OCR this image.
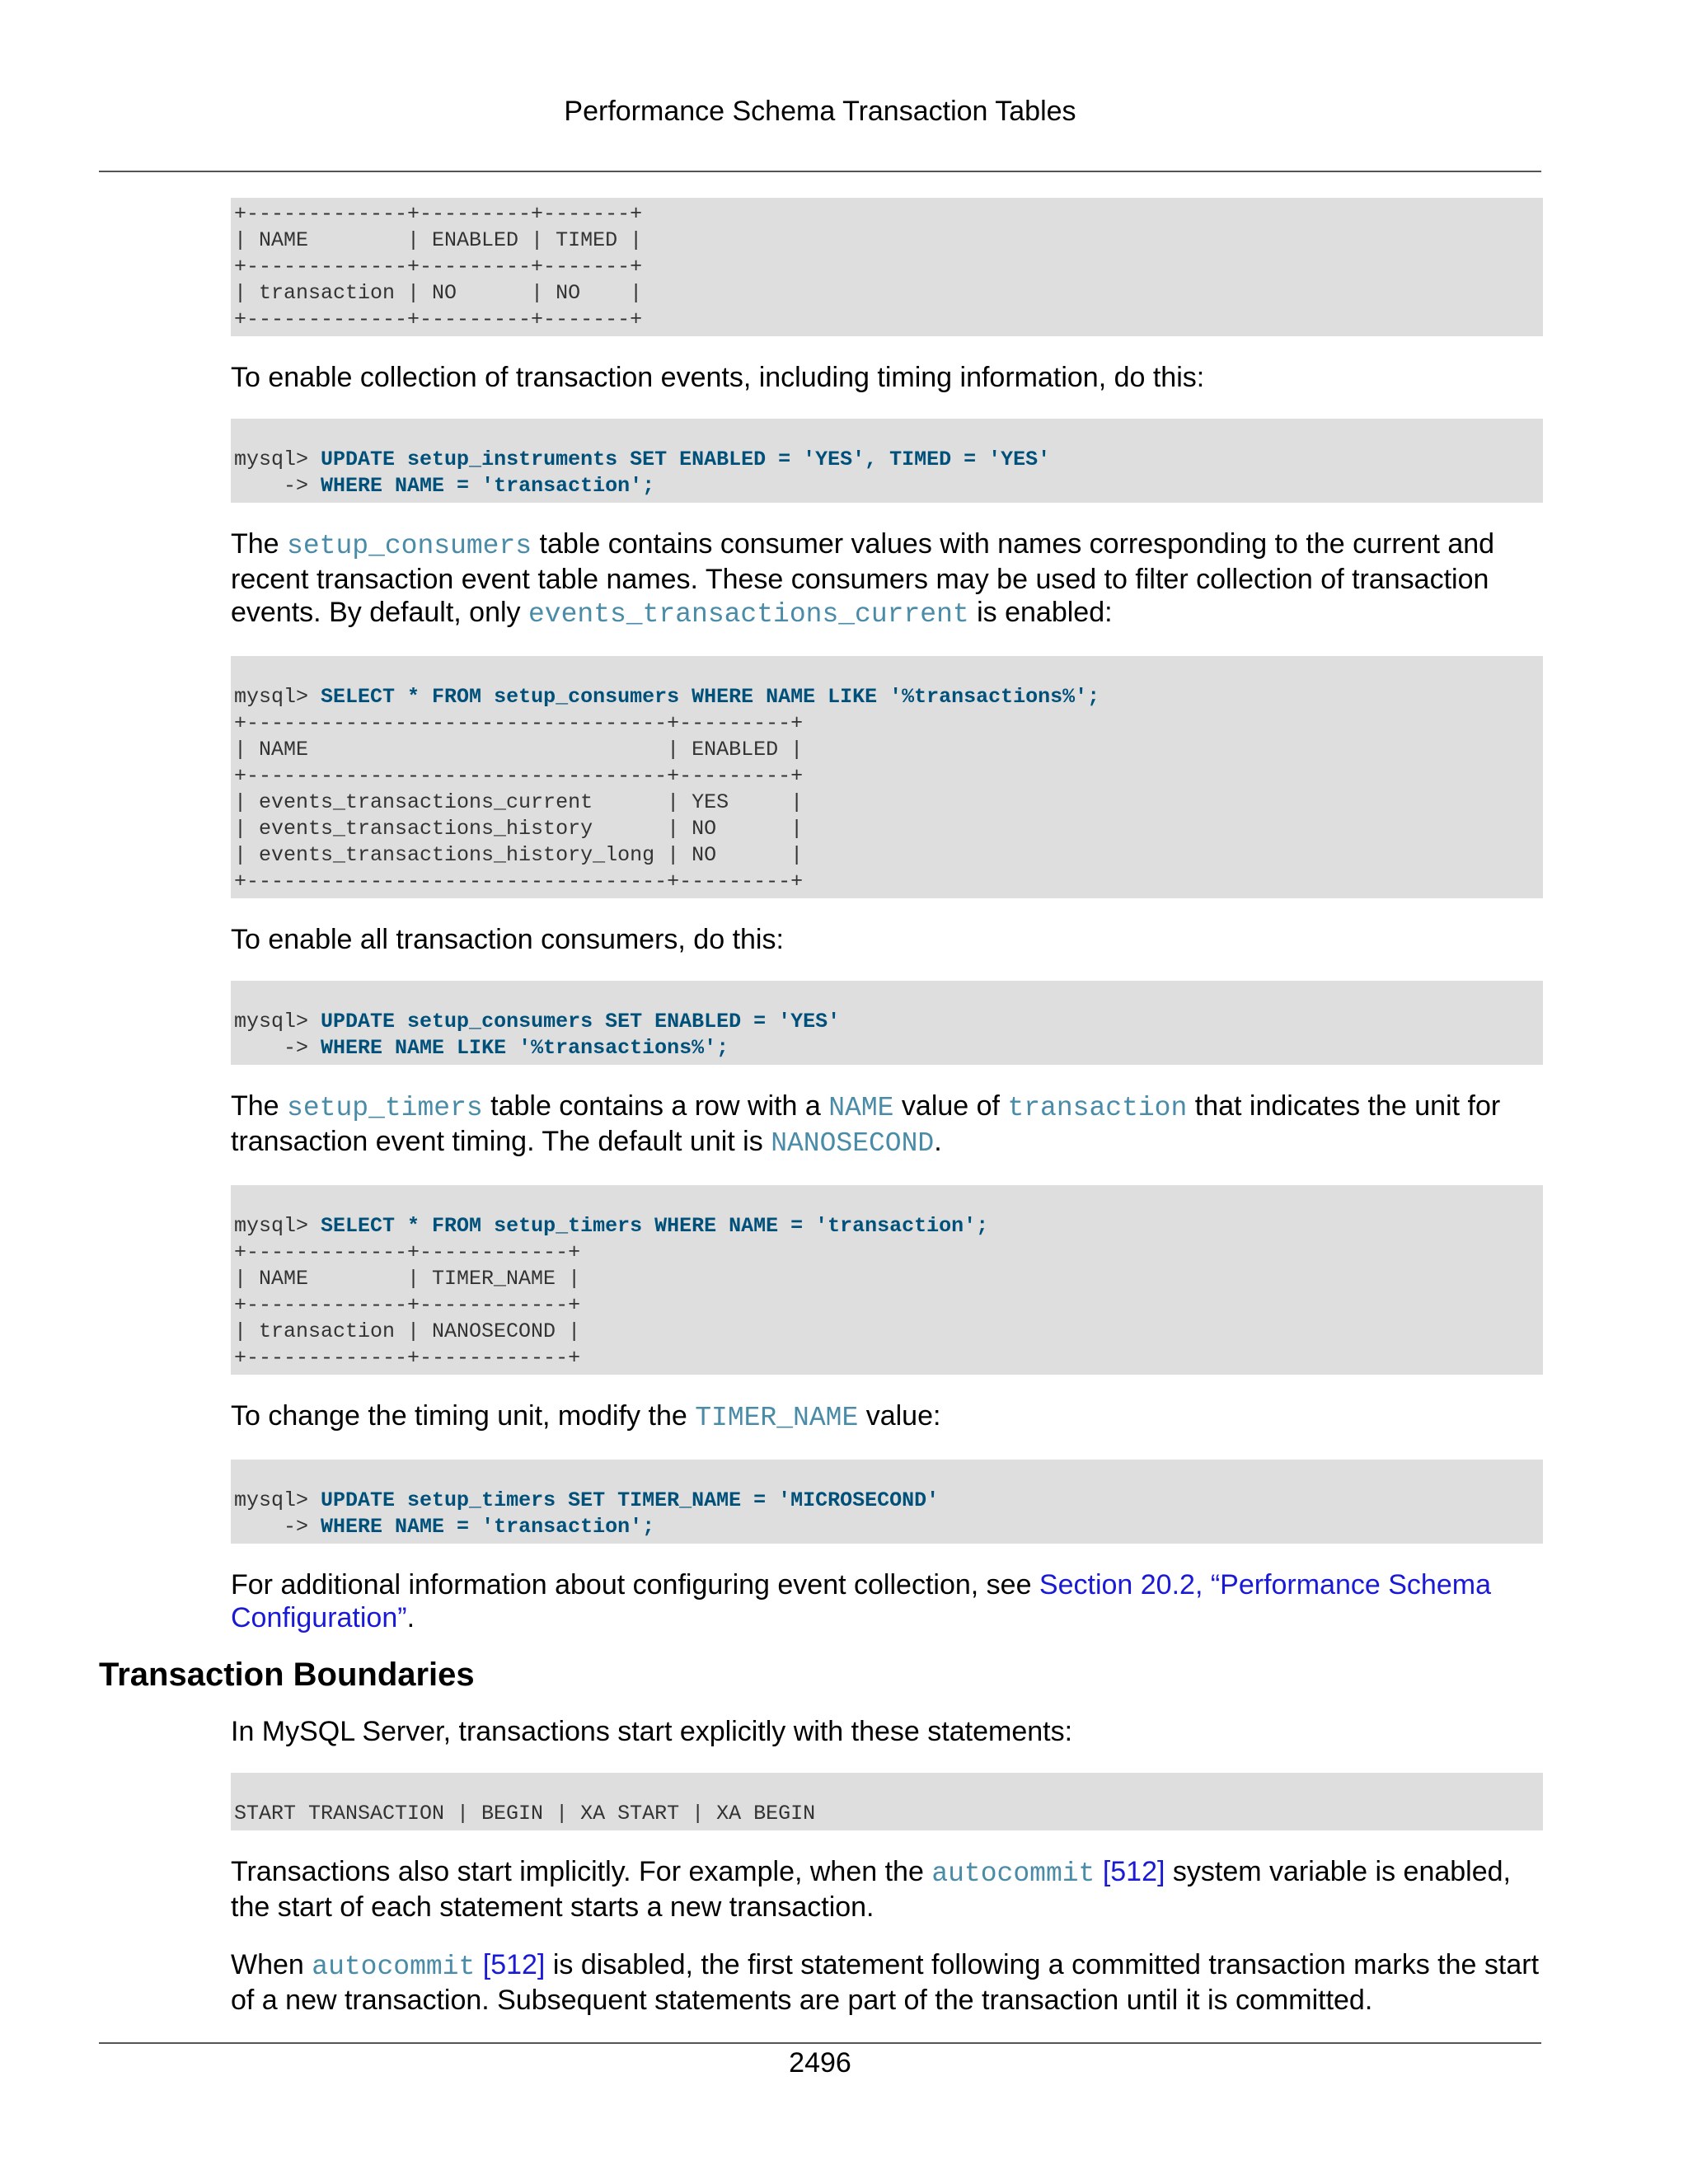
Performance Schema Transaction Tables
+-------------+---------+-------+
| NAME        | ENABLED | TIMED |
+-------------+---------+-------+
| transaction | NO      | NO    |
+-------------+---------+-------+

To enable collection of transaction events, including timing information, do this:

mysql> UPDATE setup_instruments SET ENABLED = 'YES', TIMED = 'YES'
-> WHERE NAME = 'transaction';

The setup_consumers table contains consumer values with names corresponding to the current and recent transaction event table names. These consumers may be used to filter collection of transaction events. By default, only events_transactions_current is enabled:

mysql> SELECT * FROM setup_consumers WHERE NAME LIKE '%transactions%';
+----------------------------------+---------+
| NAME                             | ENABLED |
+----------------------------------+---------+
| events_transactions_current      | YES     |
| events_transactions_history      | NO      |
| events_transactions_history_long | NO      |
+----------------------------------+---------+

To enable all transaction consumers, do this:

mysql> UPDATE setup_consumers SET ENABLED = 'YES'
-> WHERE NAME LIKE '%transactions%';

The setup_timers table contains a row with a NAME value of transaction that indicates the unit for transaction event timing. The default unit is NANOSECOND.

mysql> SELECT * FROM setup_timers WHERE NAME = 'transaction';
+-------------+------------+
| NAME        | TIMER_NAME |
+-------------+------------+
| transaction | NANOSECOND |
+-------------+------------+

To change the timing unit, modify the TIMER_NAME value:

mysql> UPDATE setup_timers SET TIMER_NAME = 'MICROSECOND'
-> WHERE NAME = 'transaction';

For additional information about configuring event collection, see Section 20.2, “Performance Schema Configuration”.

Transaction Boundaries

In MySQL Server, transactions start explicitly with these statements:

START TRANSACTION | BEGIN | XA START | XA BEGIN

Transactions also start implicitly. For example, when the autocommit [512] system variable is enabled, the start of each statement starts a new transaction.

When autocommit [512] is disabled, the first statement following a committed transaction marks the start of a new transaction. Subsequent statements are part of the transaction until it is committed.

2496
